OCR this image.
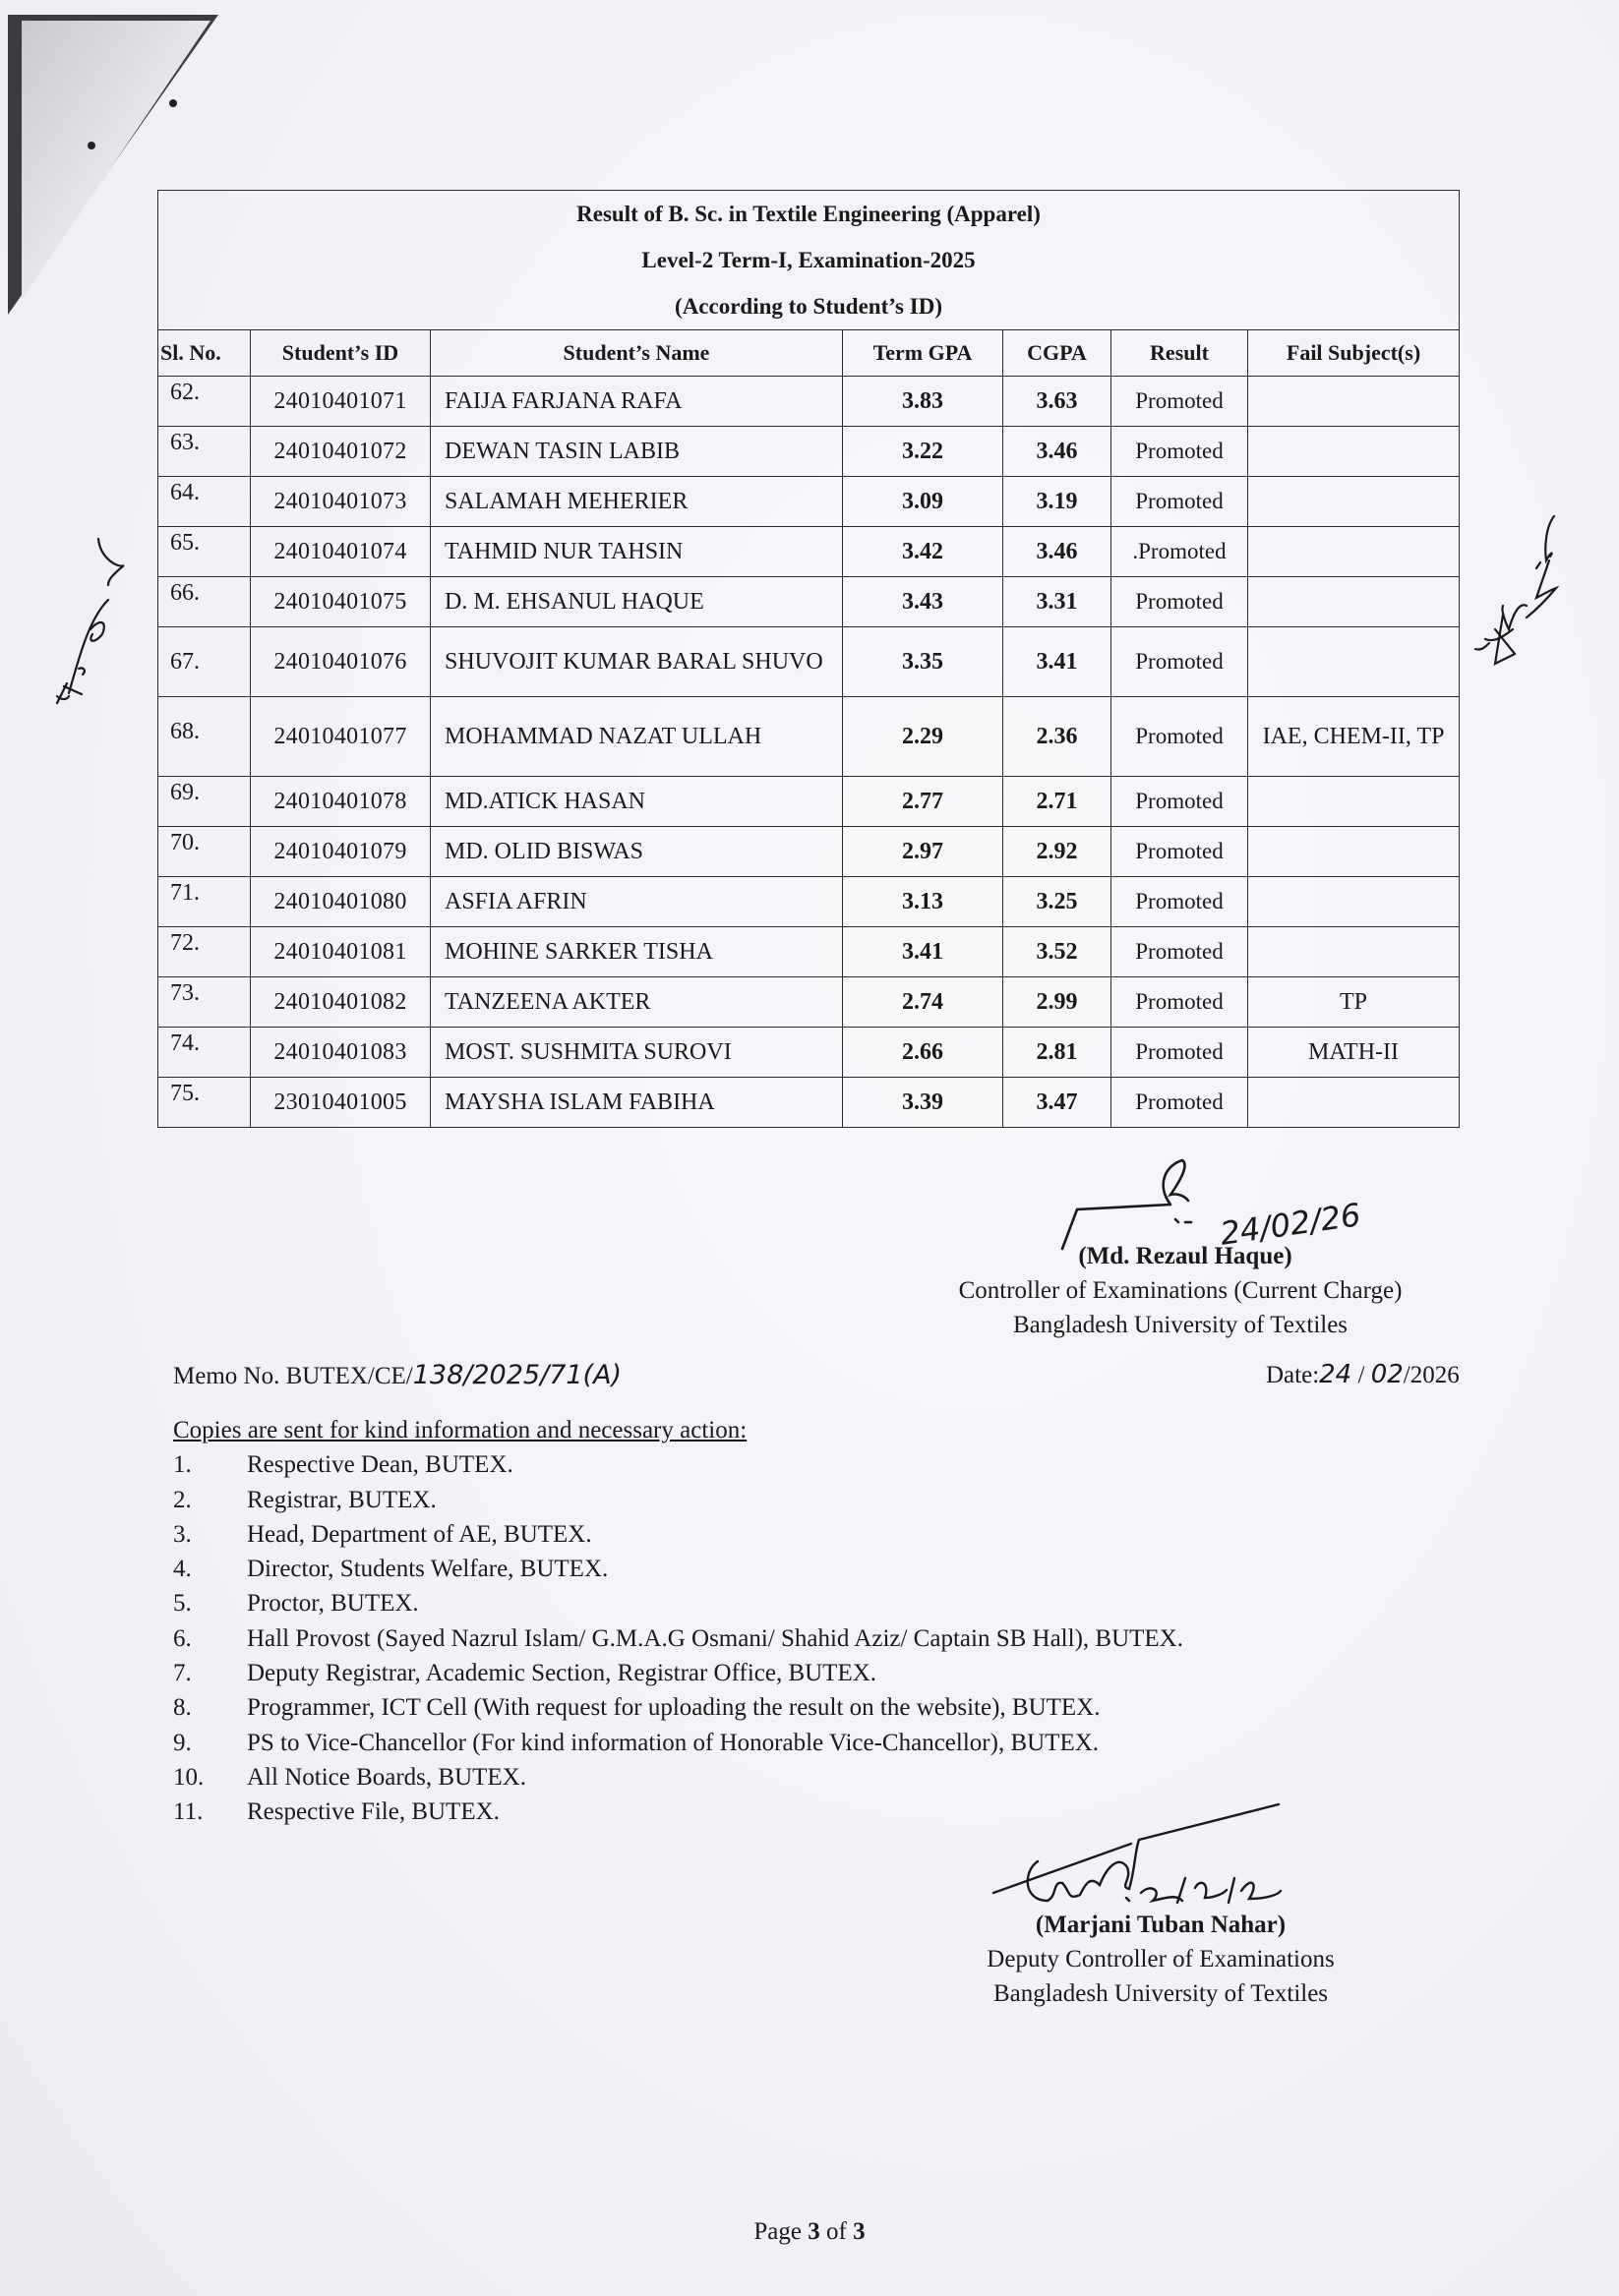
Result of B. Sc. in Textile Engineering (Apparel)
Level-2 Term-I, Examination-2025
(According to Student’s ID)						

Sl. No.	Student’s ID	Student’s Name	Term GPA	CGPA	Result	Fail Subject(s)
62.	24010401071	FAIJA FARJANA RAFA	3.83	3.63	Promoted	
63.	24010401072	DEWAN TASIN LABIB	3.22	3.46	Promoted	
64.	24010401073	SALAMAH MEHERIER	3.09	3.19	Promoted	
65.	24010401074	TAHMID NUR TAHSIN	3.42	3.46	.Promoted	
66.	24010401075	D. M. EHSANUL HAQUE	3.43	3.31	Promoted	
67.	24010401076	SHUVOJIT KUMAR BARAL SHUVO	3.35	3.41	Promoted	
68.	24010401077	MOHAMMAD NAZAT ULLAH	2.29	2.36	Promoted	IAE, CHEM-II, TP
69.	24010401078	MD.ATICK HASAN	2.77	2.71	Promoted	
70.	24010401079	MD. OLID BISWAS	2.97	2.92	Promoted	
71.	24010401080	ASFIA AFRIN	3.13	3.25	Promoted	
72.	24010401081	MOHINE SARKER TISHA	3.41	3.52	Promoted	
73.	24010401082	TANZEENA AKTER	2.74	2.99	Promoted	TP
74.	24010401083	MOST. SUSHMITA SUROVI	2.66	2.81	Promoted	MATH-II
75.	23010401005	MAYSHA ISLAM FABIHA	3.39	3.47	Promoted	
24/02/26
(Md. Rezaul Haque)
Controller of Examinations (Current Charge)
Bangladesh University of Textiles
Memo No. BUTEX/CE/138/2025/71(A)	Date:24 / 02/2026
Copies are sent for kind information and necessary action:
1.	Respective Dean, BUTEX.
2.	Registrar, BUTEX.
3.	Head, Department of AE, BUTEX.
4.	Director, Students Welfare, BUTEX.
5.	Proctor, BUTEX.
6.	Hall Provost (Sayed Nazrul Islam/ G.M.A.G Osmani/ Shahid Aziz/ Captain SB Hall), BUTEX.
7.	Deputy Registrar, Academic Section, Registrar Office, BUTEX.
8.	Programmer, ICT Cell (With request for uploading the result on the website), BUTEX.
9.	PS to Vice-Chancellor (For kind information of Honorable Vice-Chancellor), BUTEX.
10.	All Notice Boards, BUTEX.
11.	Respective File, BUTEX.
(Marjani Tuban Nahar)
Deputy Controller of Examinations
Bangladesh University of Textiles
Page 3 of 3
